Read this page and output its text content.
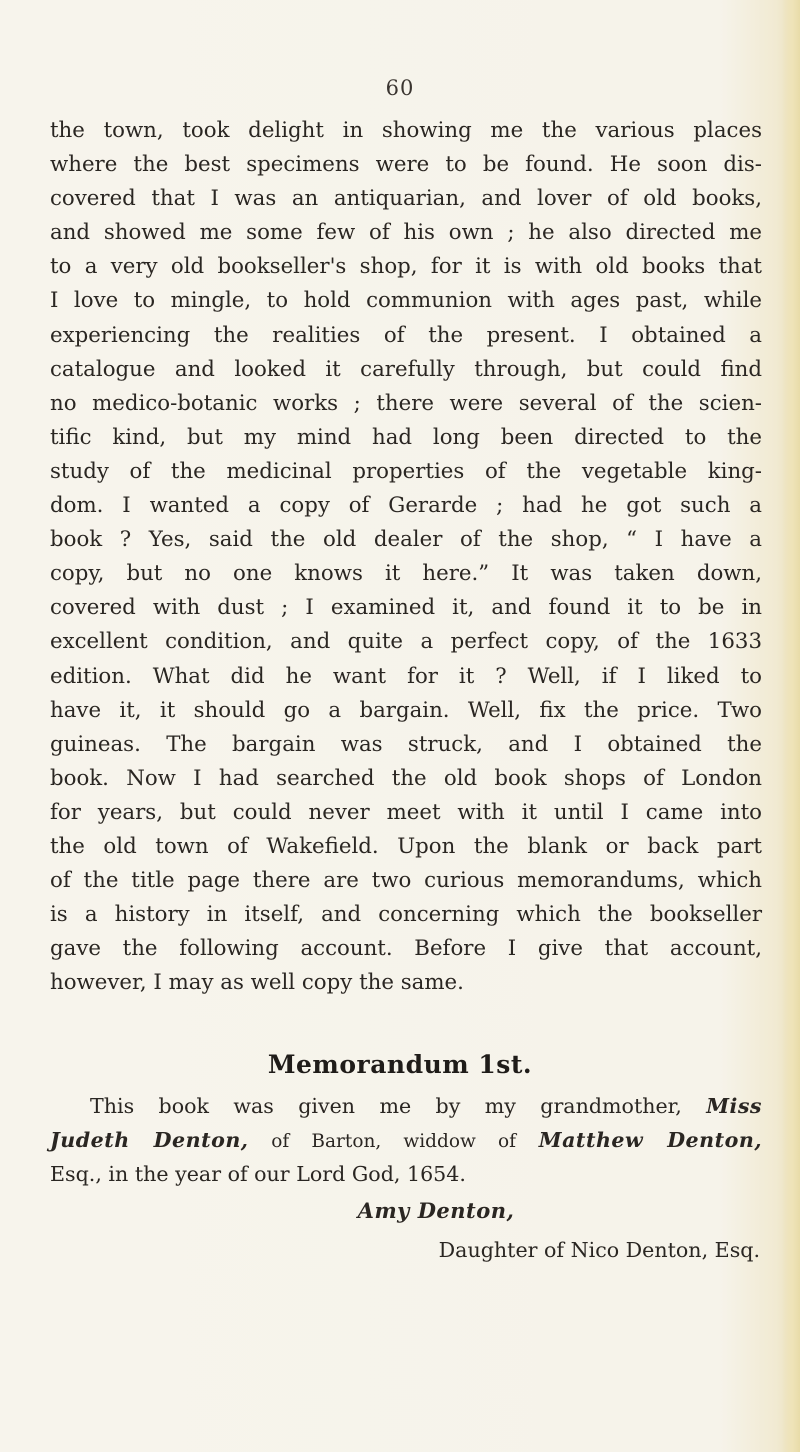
60
the town, took delight in showing me the various places
where the best specimens were to be found. He soon dis-
covered that I was an antiquarian, and lover of old books,
and showed me some few of his own ; he also directed me
to a very old bookseller's shop, for it is with old books that
I love to mingle, to hold communion with ages past, while
experiencing the realities of the present. I obtained a
catalogue and looked it carefully through, but could find
no medico-botanic works ; there were several of the scien-
tific kind, but my mind had long been directed to the
study of the medicinal properties of the vegetable king-
dom. I wanted a copy of Gerarde ; had he got such a
book ? Yes, said the old dealer of the shop, “ I have a
copy, but no one knows it here.” It was taken down,
covered with dust ; I examined it, and found it to be in
excellent condition, and quite a perfect copy, of the 1633
edition. What did he want for it ? Well, if I liked to
have it, it should go a bargain. Well, fix the price. Two
guineas. The bargain was struck, and I obtained the
book. Now I had searched the old book shops of London
for years, but could never meet with it until I came into
the old town of Wakefield. Upon the blank or back part
of the title page there are two curious memorandums, which
is a history in itself, and concerning which the bookseller
gave the following account. Before I give that account,
however, I may as well copy the same.
Memorandum 1st.
This book was given me by my grandmother, Miss
Judeth Denton, of Barton, widdow of Matthew Denton,
Esq., in the year of our Lord God, 1654.
Amy Denton,
Daughter of Nico Denton, Esq.
